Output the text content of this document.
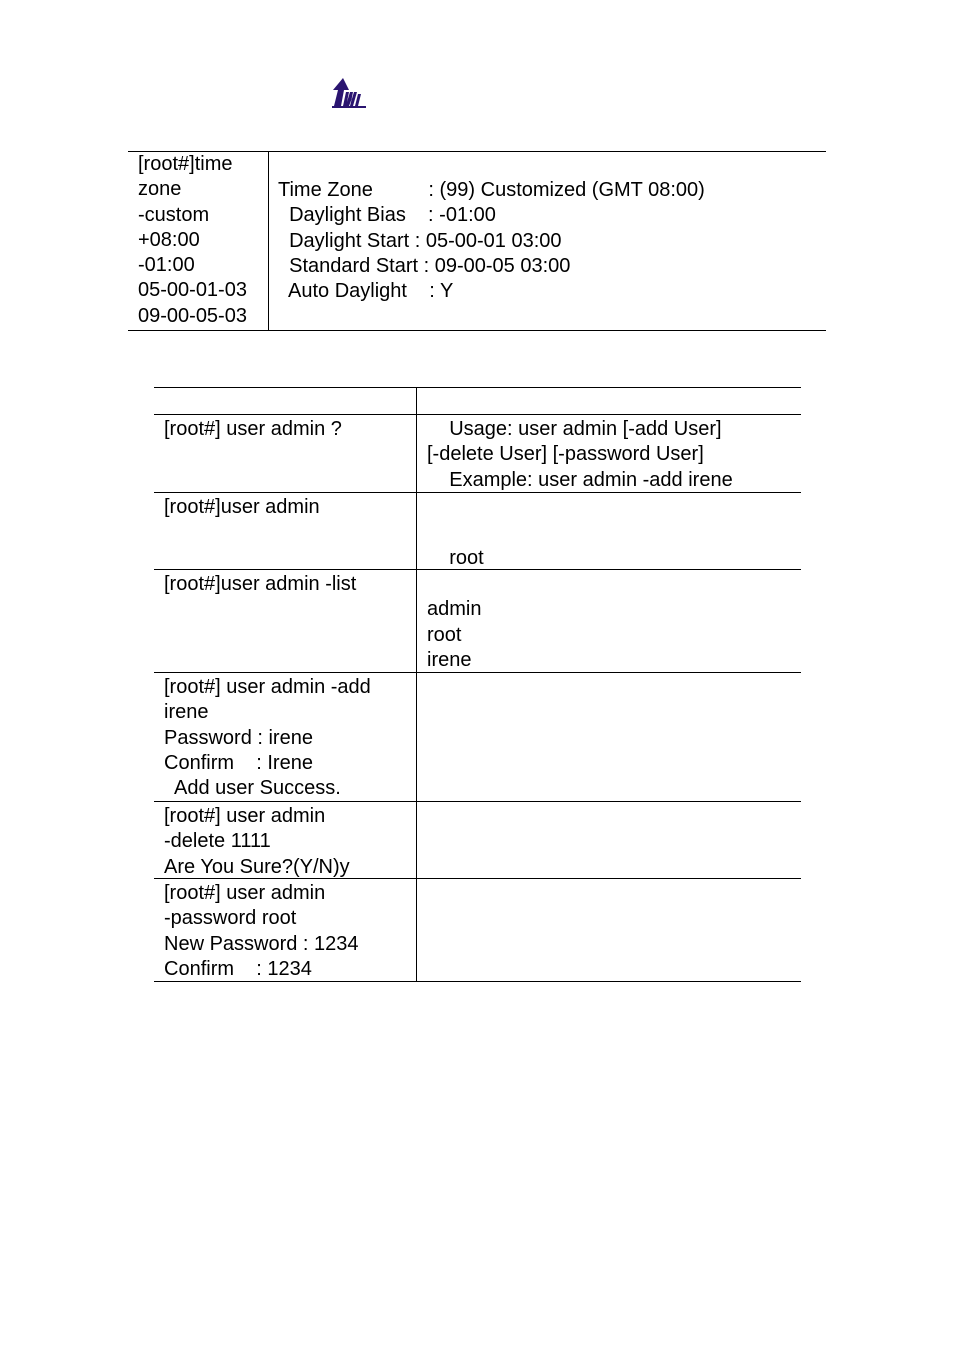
[root#]time
zone
-custom
+08:00
-01:00
05-00-01-03
09-00-05-03
Time Zone          : (99) Customized (GMT 08:00)
Daylight Bias    : -01:00
Daylight Start : 05-00-01 03:00
Standard Start : 09-00-05 03:00
Auto Daylight    : Y
[root#] user admin ?	Usage: user admin [-add User]
[-delete User] [-password User]
Example: user admin -add irene
[root#]user admin
root
[root#]user admin -list
admin
root
irene
[root#] user admin -add
irene
Password : irene
Confirm    : Irene
Add user Success.
[root#] user admin
-delete 1111
Are You Sure?(Y/N)y
[root#] user admin
-password root
New Password : 1234
Confirm    : 1234
